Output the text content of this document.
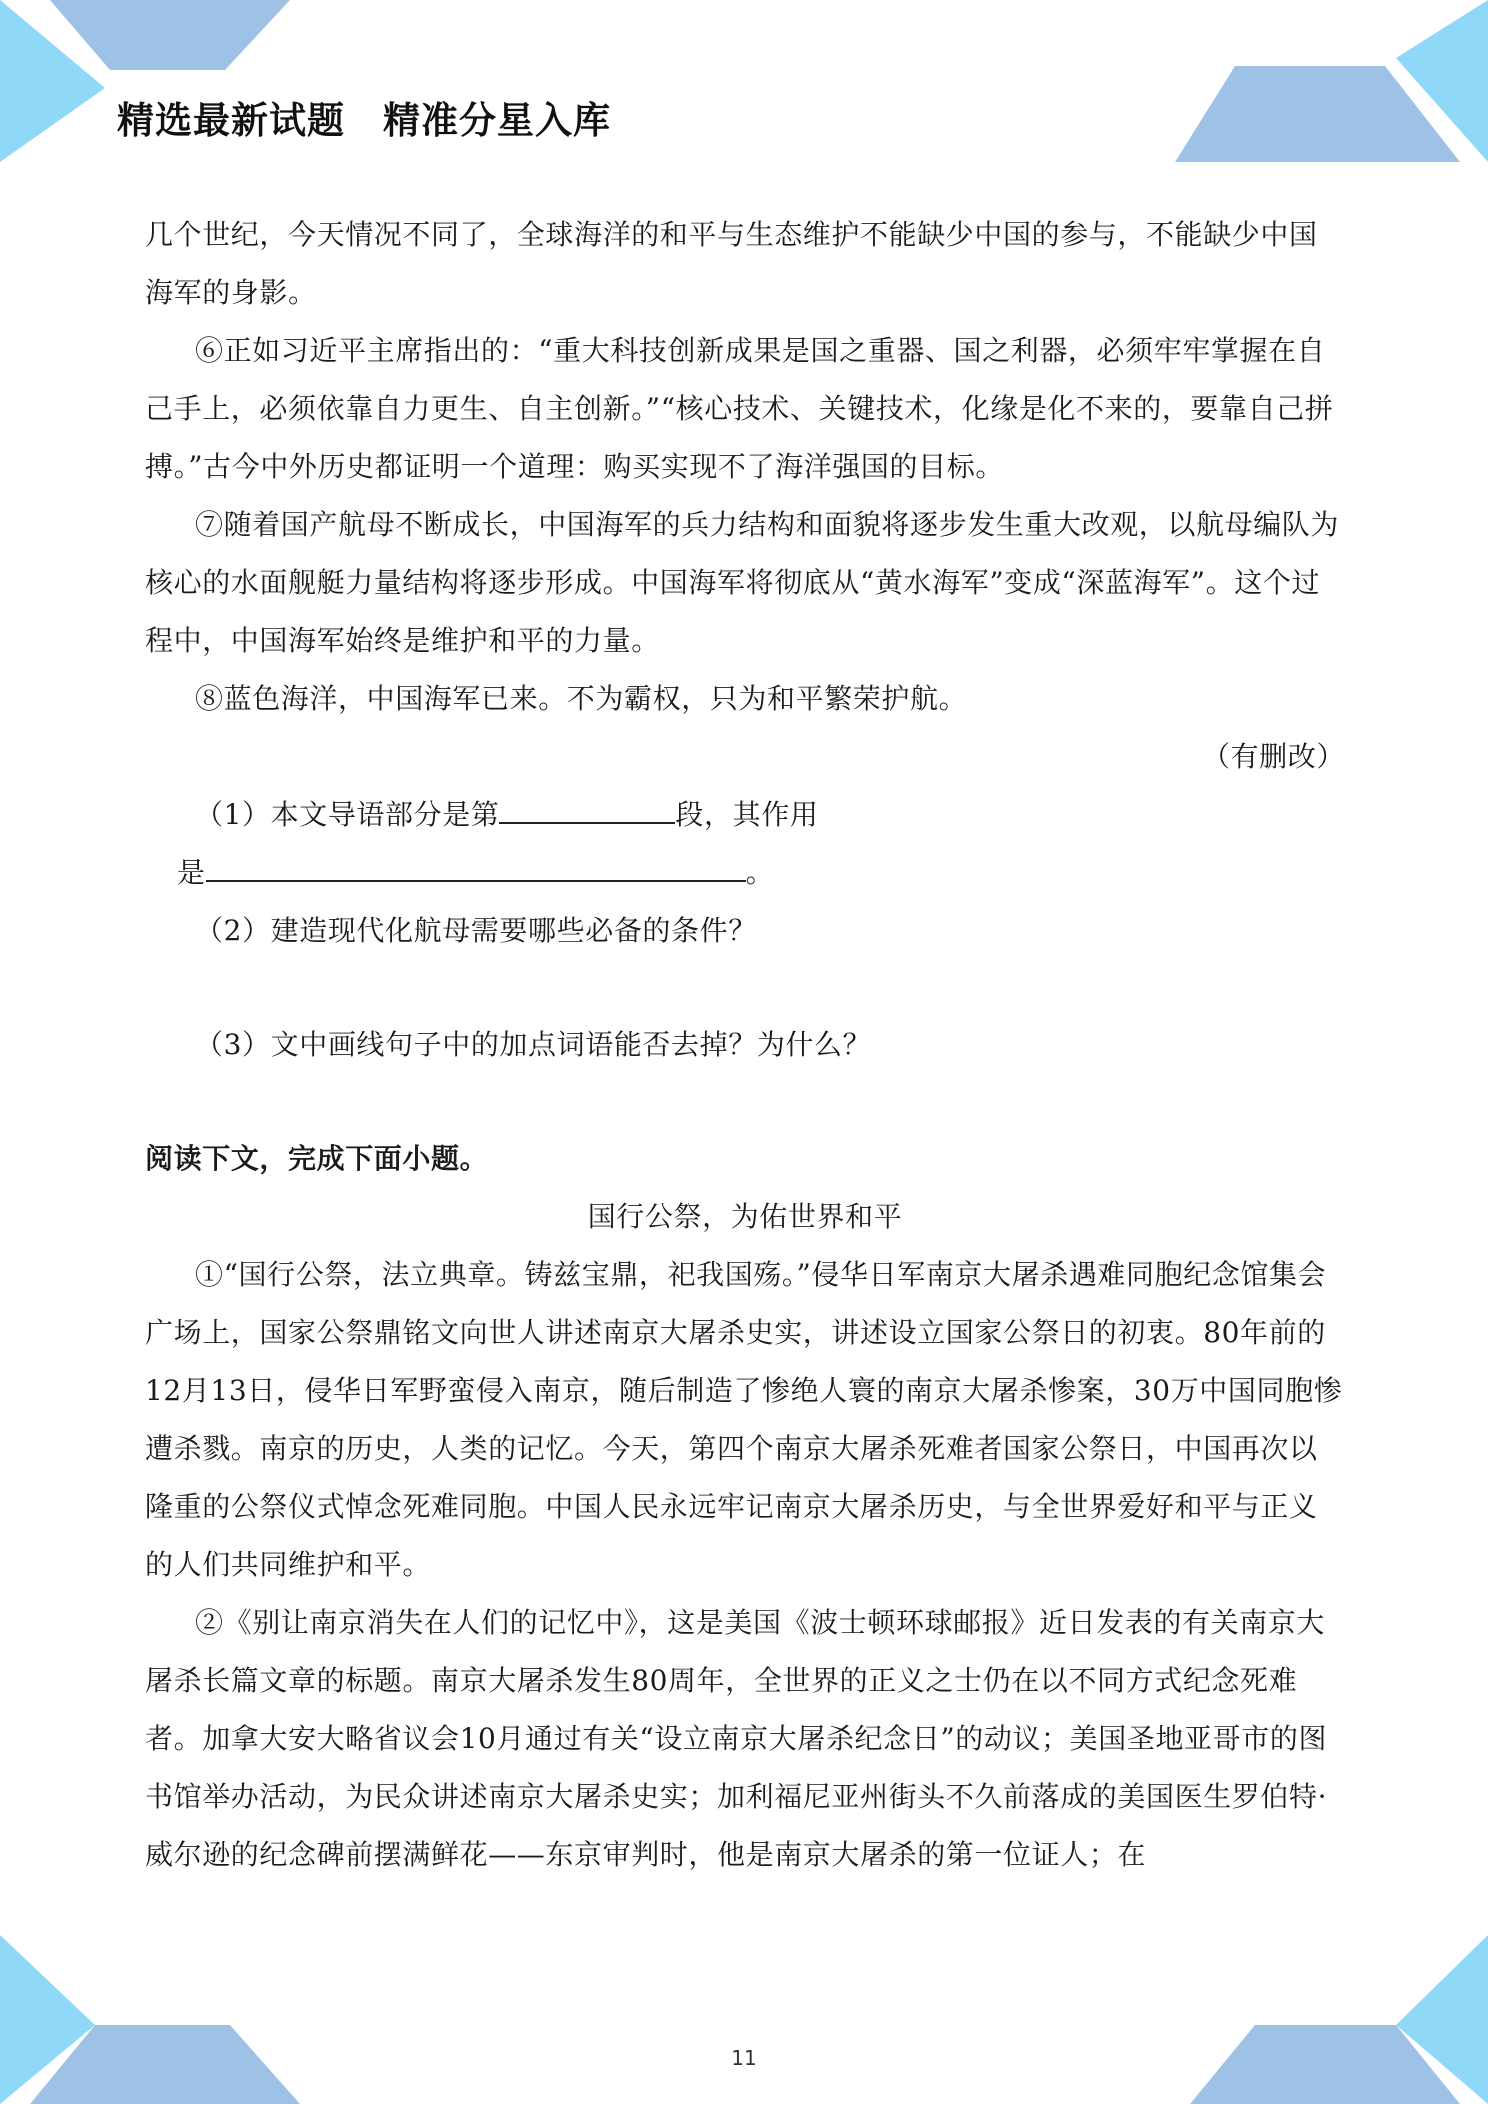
精选最新试题　精准分星入库

几个世纪，今天情况不同了，全球海洋的和平与生态维护不能缺少中国的参与，不能缺少中国海军的身影。

⑥正如习近平主席指出的：“重大科技创新成果是国之重器、国之利器，必须牢牢掌握在自己手上，必须依靠自力更生、自主创新。”“核心技术、关键技术，化缘是化不来的，要靠自己拼搏。”古今中外历史都证明一个道理：购买实现不了海洋强国的目标。

⑦随着国产航母不断成长，中国海军的兵力结构和面貌将逐步发生重大改观，以航母编队为核心的水面舰艇力量结构将逐步形成。中国海军将彻底从“黄水海军”变成“深蓝海军”。这个过程中，中国海军始终是维护和平的力量。

⑧蓝色海洋，中国海军已来。不为霸权，只为和平繁荣护航。

（有删改）

（1）本文导语部分是第	段，其作用

是	。

（2）建造现代化航母需要哪些必备的条件？

（3）文中画线句子中的加点词语能否去掉？为什么？

阅读下文，完成下面小题。

国行公祭，为佑世界和平

①“国行公祭，法立典章。铸兹宝鼎，祀我国殇。”侵华日军南京大屠杀遇难同胞纪念馆集会广场上，国家公祭鼎铭文向世人讲述南京大屠杀史实，讲述设立国家公祭日的初衷。80年前的12月13日，侵华日军野蛮侵入南京，随后制造了惨绝人寰的南京大屠杀惨案，30万中国同胞惨遭杀戮。南京的历史，人类的记忆。今天，第四个南京大屠杀死难者国家公祭日，中国再次以隆重的公祭仪式悼念死难同胞。中国人民永远牢记南京大屠杀历史，与全世界爱好和平与正义的人们共同维护和平。

②《别让南京消失在人们的记忆中》，这是美国《波士顿环球邮报》近日发表的有关南京大屠杀长篇文章的标题。南京大屠杀发生80周年，全世界的正义之士仍在以不同方式纪念死难者。加拿大安大略省议会10月通过有关“设立南京大屠杀纪念日”的动议；美国圣地亚哥市的图书馆举办活动，为民众讲述南京大屠杀史实；加利福尼亚州街头不久前落成的美国医生罗伯特·威尔逊的纪念碑前摆满鲜花——东京审判时，他是南京大屠杀的第一位证人；在

11
